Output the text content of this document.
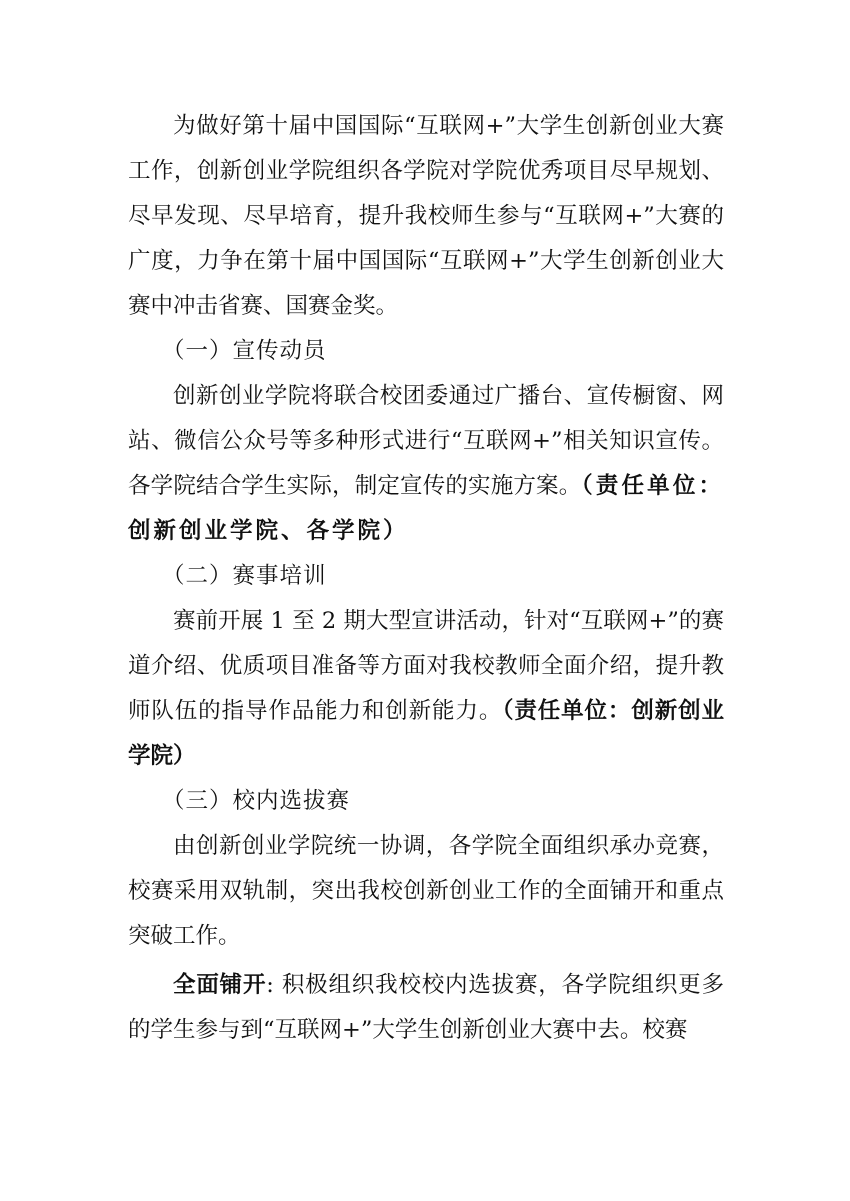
为做好第十届中国国际“互联网+”大学生创新创业大赛工作，创新创业学院组织各学院对学院优秀项目尽早规划、尽早发现、尽早培育，提升我校师生参与“互联网+”大赛的广度，力争在第十届中国国际“互联网+”大学生创新创业大赛中冲击省赛、国赛金奖。

（一）宣传动员

创新创业学院将联合校团委通过广播台、宣传橱窗、网站、微信公众号等多种形式进行“互联网+”相关知识宣传。各学院结合学生实际，制定宣传的实施方案。（责任单位：创新创业学院、各学院）

（二）赛事培训

赛前开展 1 至 2 期大型宣讲活动，针对“互联网+”的赛道介绍、优质项目准备等方面对我校教师全面介绍，提升教师队伍的指导作品能力和创新能力。（责任单位：创新创业学院）

（三）校内选拔赛

由创新创业学院统一协调，各学院全面组织承办竞赛，校赛采用双轨制，突出我校创新创业工作的全面铺开和重点突破工作。

全面铺开: 积极组织我校校内选拔赛，各学院组织更多的学生参与到“互联网+”大学生创新创业大赛中去。校赛
